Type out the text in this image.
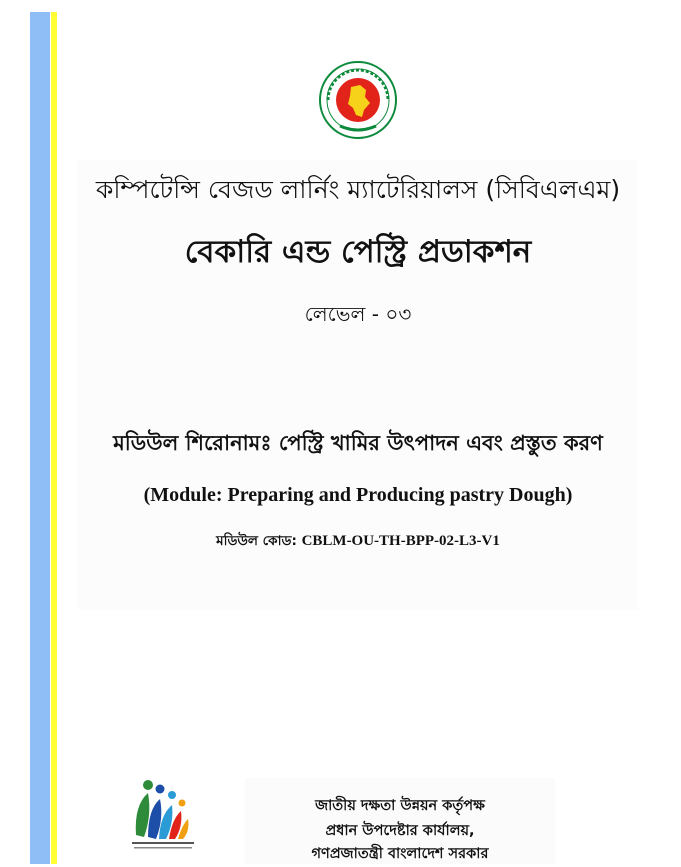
কম্পিটেন্সি বেজড লার্নিং ম্যাটেরিয়ালস (সিবিএলএম)
বেকারি এন্ড পেস্ট্রি প্রডাকশন
লেভেল - ০৩
মডিউল শিরোনামঃ পেস্ট্রি খামির উৎপাদন এবং প্রস্তুত করণ
(Module: Preparing and Producing pastry Dough)
মডিউল কোড: CBLM-OU-TH-BPP-02-L3-V1
জাতীয় দক্ষতা উন্নয়ন কর্তৃপক্ষ
প্রধান উপদেষ্টার কার্যালয়,
গণপ্রজাতন্ত্রী বাংলাদেশ সরকার
